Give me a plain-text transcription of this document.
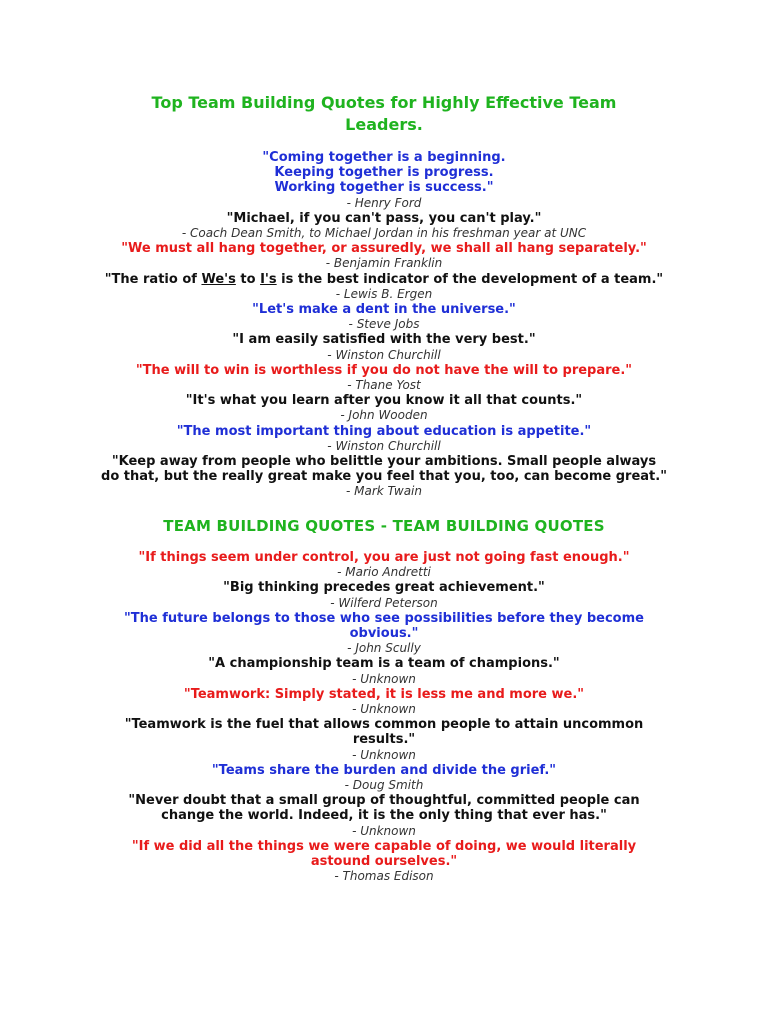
Top Team Building Quotes for Highly Effective Team Leaders.

"Coming together is a beginning.

Keeping together is progress.

Working together is success."

- Henry Ford

"Michael, if you can't pass, you can't play."

- Coach Dean Smith, to Michael Jordan in his freshman year at UNC

"We must all hang together, or assuredly, we shall all hang separately."

- Benjamin Franklin

"The ratio of We's to I's is the best indicator of the development of a team."

- Lewis B. Ergen

"Let's make a dent in the universe."

- Steve Jobs

"I am easily satisfied with the very best."

- Winston Churchill

"The will to win is worthless if you do not have the will to prepare."

- Thane Yost

"It's what you learn after you know it all that counts."

- John Wooden

"The most important thing about education is appetite."

- Winston Churchill

"Keep away from people who belittle your ambitions. Small people always

do that, but the really great make you feel that you, too, can become great."

- Mark Twain

TEAM BUILDING QUOTES - TEAM BUILDING QUOTES

"If things seem under control, you are just not going fast enough."

- Mario Andretti

"Big thinking precedes great achievement."

- Wilferd Peterson

"The future belongs to those who see possibilities before they become

obvious."

- John Scully

"A championship team is a team of champions."

- Unknown

"Teamwork: Simply stated, it is less me and more we."

- Unknown

"Teamwork is the fuel that allows common people to attain uncommon

results."

- Unknown

"Teams share the burden and divide the grief."

- Doug Smith

"Never doubt that a small group of thoughtful, committed people can

change the world. Indeed, it is the only thing that ever has."

- Unknown

"If we did all the things we were capable of doing, we would literally

astound ourselves."

- Thomas Edison
